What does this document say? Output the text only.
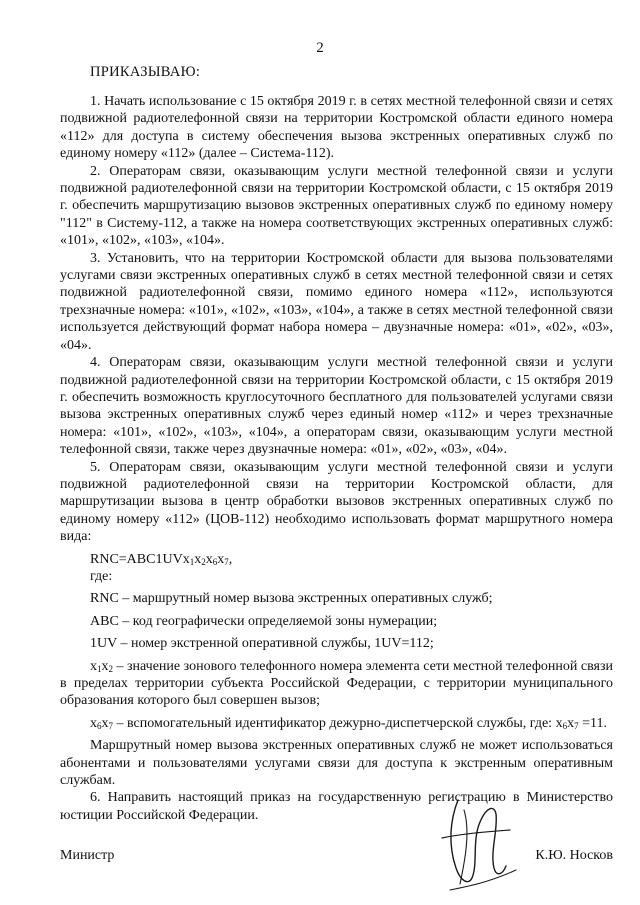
2
ПРИКАЗЫВАЮ:

1. Начать использование с 15 октября 2019 г. в сетях местной телефонной связи и сетях подвижной радиотелефонной связи на территории Костромской области единого номера «112» для доступа в систему обеспечения вызова экстренных оперативных служб по единому номеру «112» (далее – Система-112).

2. Операторам связи, оказывающим услуги местной телефонной связи и услуги подвижной радиотелефонной связи на территории Костромской области, с 15 октября 2019 г. обеспечить маршрутизацию вызовов экстренных оперативных служб по единому номеру "112" в Систему-112, а также на номера соответствующих экстренных оперативных служб: «101», «102», «103», «104».

3. Установить, что на территории Костромской области для вызова пользователями услугами связи экстренных оперативных служб в сетях местной телефонной связи и сетях подвижной радиотелефонной связи, помимо единого номера «112», используются трехзначные номера: «101», «102», «103», «104», а также в сетях местной телефонной связи используется действующий формат набора номера – двузначные номера: «01», «02», «03», «04».

4. Операторам связи, оказывающим услуги местной телефонной связи и услуги подвижной радиотелефонной связи на территории Костромской области, с 15 октября 2019 г. обеспечить возможность круглосуточного бесплатного для пользователей услугами связи вызова экстренных оперативных служб через единый номер «112» и через трехзначные номера: «101», «102», «103», «104», а операторам связи, оказывающим услуги местной телефонной связи, также через двузначные номера: «01», «02», «03», «04».

5. Операторам связи, оказывающим услуги местной телефонной связи и услуги подвижной радиотелефонной связи на территории Костромской области, для маршрутизации вызова в центр обработки вызовов экстренных оперативных служб по единому номеру «112» (ЦОВ-112) необходимо использовать формат маршрутного номера вида:

$RNC=ABC1UVx_1x_2x_6x_7$,

где:

RNC – маршрутный номер вызова экстренных оперативных служб;

ABC – код географически определяемой зоны нумерации;

1UV – номер экстренной оперативной службы, 1UV=112;

$x_1x_2$ – значение зонового телефонного номера элемента сети местной телефонной связи в пределах территории субъекта Российской Федерации, с территории муниципального образования которого был совершен вызов;

$x_6x_7$ – вспомогательный идентификатор дежурно-диспетчерской службы, где: $x_6x_7 =11$.

Маршрутный номер вызова экстренных оперативных служб не может использоваться абонентами и пользователями услугами связи для доступа к экстренным оперативным службам.

6. Направить настоящий приказ на государственную регистрацию в Министерство юстиции Российской Федерации.

Министр	К.Ю. Носков
